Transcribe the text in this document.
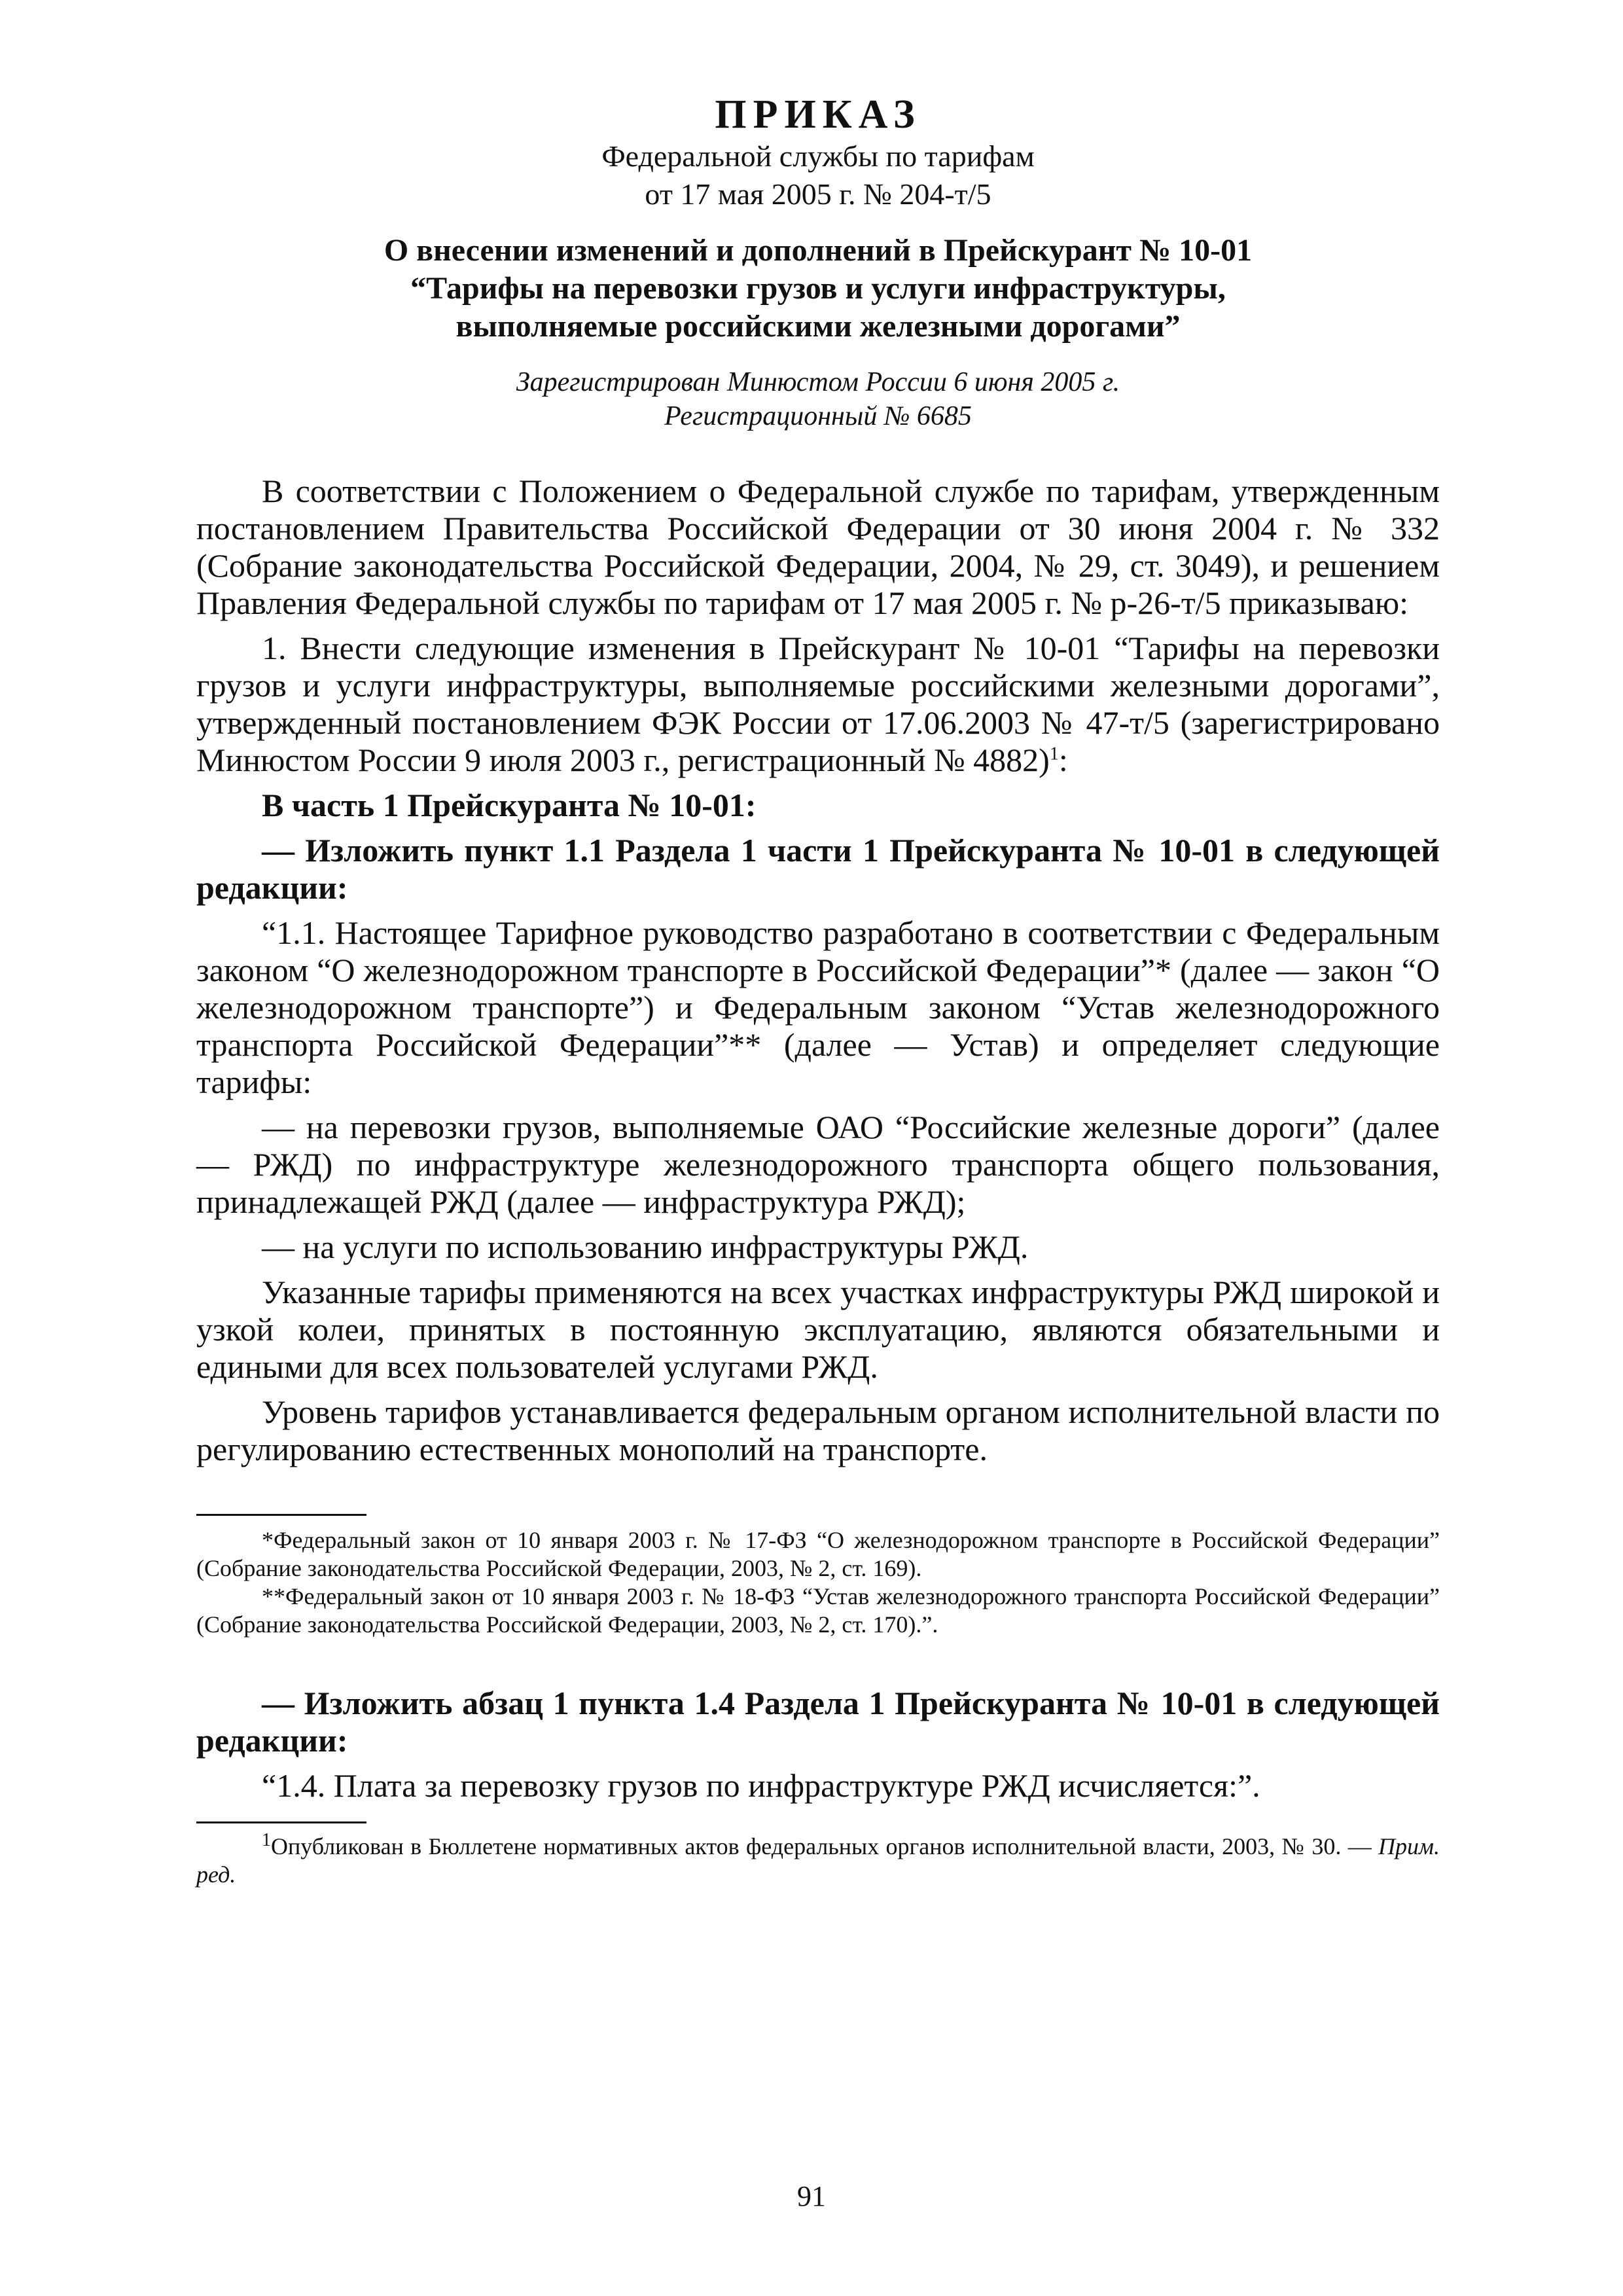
ПРИКАЗ
Федеральной службы по тарифам
от 17 мая 2005 г. № 204-т/5
О внесении изменений и дополнений в Прейскурант № 10-01
“Тарифы на перевозки грузов и услуги инфраструктуры,
выполняемые российскими железными дорогами”
Зарегистрирован Минюстом России 6 июня 2005 г.
Регистрационный № 6685

В соответствии с Положением о Федеральной службе по тарифам, утвержденным постановлением Правительства Российской Федерации от 30 июня 2004 г. № 332 (Собрание законодательства Российской Федерации, 2004, № 29, ст. 3049), и решением Правления Федеральной службы по тарифам от 17 мая 2005 г. № р-26-т/5 приказываю:

1. Внести следующие изменения в Прейскурант № 10-01 “Тарифы на перевозки грузов и услуги инфраструктуры, выполняемые российскими железными дорогами”, утвержденный постановлением ФЭК России от 17.06.2003 № 47-т/5 (зарегистрировано Минюстом России 9 июля 2003 г., регистрационный № 4882)$^1$:

В часть 1 Прейскуранта № 10-01:

— Изложить пункт 1.1 Раздела 1 части 1 Прейскуранта № 10-01 в следующей редакции:

“1.1. Настоящее Тарифное руководство разработано в соответствии с Федеральным законом “О железнодорожном транспорте в Российской Федерации”* (далее — закон “О железнодорожном транспорте”) и Федеральным законом “Устав железнодорожного транспорта Российской Федерации”** (далее — Устав) и определяет следующие тарифы:

— на перевозки грузов, выполняемые ОАО “Российские железные дороги” (далее — РЖД) по инфраструктуре железнодорожного транспорта общего пользования, принадлежащей РЖД (далее — инфраструктура РЖД);

— на услуги по использованию инфраструктуры РЖД.

Указанные тарифы применяются на всех участках инфраструктуры РЖД широкой и узкой колеи, принятых в постоянную эксплуатацию, являются обязательными и едиными для всех пользователей услугами РЖД.

Уровень тарифов устанавливается федеральным органом исполнительной власти по регулированию естественных монополий на транспорте.

*Федеральный закон от 10 января 2003 г. № 17-ФЗ “О железнодорожном транспорте в Российской Федерации” (Собрание законодательства Российской Федерации, 2003, № 2, ст. 169).

**Федеральный закон от 10 января 2003 г. № 18-ФЗ “Устав железнодорожного транспорта Российской Федерации” (Собрание законодательства Российской Федерации, 2003, № 2, ст. 170).”.

— Изложить абзац 1 пункта 1.4 Раздела 1 Прейскуранта № 10-01 в следующей редакции:

“1.4. Плата за перевозку грузов по инфраструктуре РЖД исчисляется:”.

$^1$Опубликован в Бюллетене нормативных актов федеральных органов исполнительной власти, 2003, № 30. — Прим. ред.

91
